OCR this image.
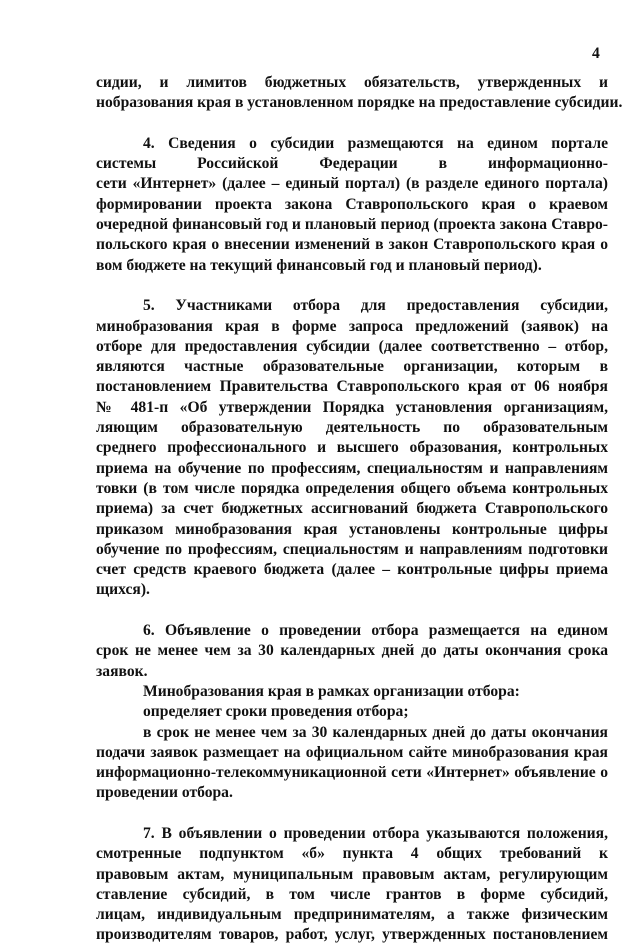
4
сидии, и лимитов бюджетных обязательств, утвержденных и
нобразования края в установленном порядке на предоставление субсидии.
4. Сведения о субсидии размещаются на едином портале
системы Российской Федерации в информационно-
сети «Интернет» (далее – единый портал) (в разделе единого портала)
формировании проекта закона Ставропольского края о краевом
очередной финансовый год и плановый период (проекта закона Ставро-
польского края о внесении изменений в закон Ставропольского края о
вом бюджете на текущий финансовый год и плановый период).
5. Участниками отбора для предоставления субсидии,
минобразования края в форме запроса предложений (заявок) на
отборе для предоставления субсидии (далее соответственно – отбор,
являются частные образовательные организации, которым в
постановлением Правительства Ставропольского края от 06 ноября
№ 481-п «Об утверждении Порядка установления организациям,
ляющим образовательную деятельность по образовательным
среднего профессионального и высшего образования, контрольных
приема на обучение по профессиям, специальностям и направлениям
товки (в том числе порядка определения общего объема контрольных
приема) за счет бюджетных ассигнований бюджета Ставропольского
приказом минобразования края установлены контрольные цифры
обучение по профессиям, специальностям и направлениям подготовки
счет средств краевого бюджета (далее – контрольные цифры приема
щихся).
6. Объявление о проведении отбора размещается на едином
срок не менее чем за 30 календарных дней до даты окончания срока
заявок.
Минобразования края в рамках организации отбора:
определяет сроки проведения отбора;
в срок не менее чем за 30 календарных дней до даты окончания
подачи заявок размещает на официальном сайте минобразования края
информационно-телекоммуникационной сети «Интернет» объявление о
проведении отбора.
7. В объявлении о проведении отбора указываются положения,
смотренные подпунктом «б» пункта 4 общих требований к
правовым актам, муниципальным правовым актам, регулирующим
ставление субсидий, в том числе грантов в форме субсидий,
лицам, индивидуальным предпринимателям, а также физическим
производителям товаров, работ, услуг, утвержденных постановлением
